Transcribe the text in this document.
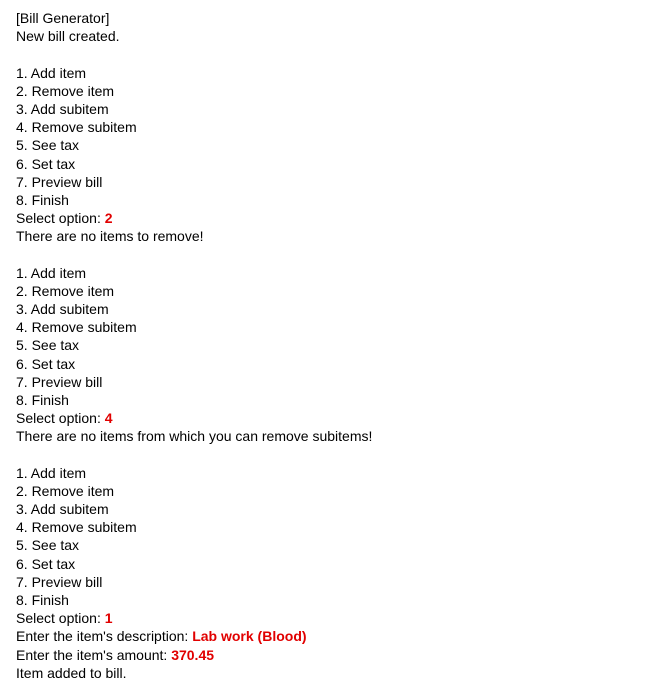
[Bill Generator]
New bill created.
1. Add item
2. Remove item
3. Add subitem
4. Remove subitem
5. See tax
6. Set tax
7. Preview bill
8. Finish
Select option: 2
There are no items to remove!
1. Add item
2. Remove item
3. Add subitem
4. Remove subitem
5. See tax
6. Set tax
7. Preview bill
8. Finish
Select option: 4
There are no items from which you can remove subitems!
1. Add item
2. Remove item
3. Add subitem
4. Remove subitem
5. See tax
6. Set tax
7. Preview bill
8. Finish
Select option: 1
Enter the item's description: Lab work (Blood)
Enter the item's amount: 370.45
Item added to bill.
